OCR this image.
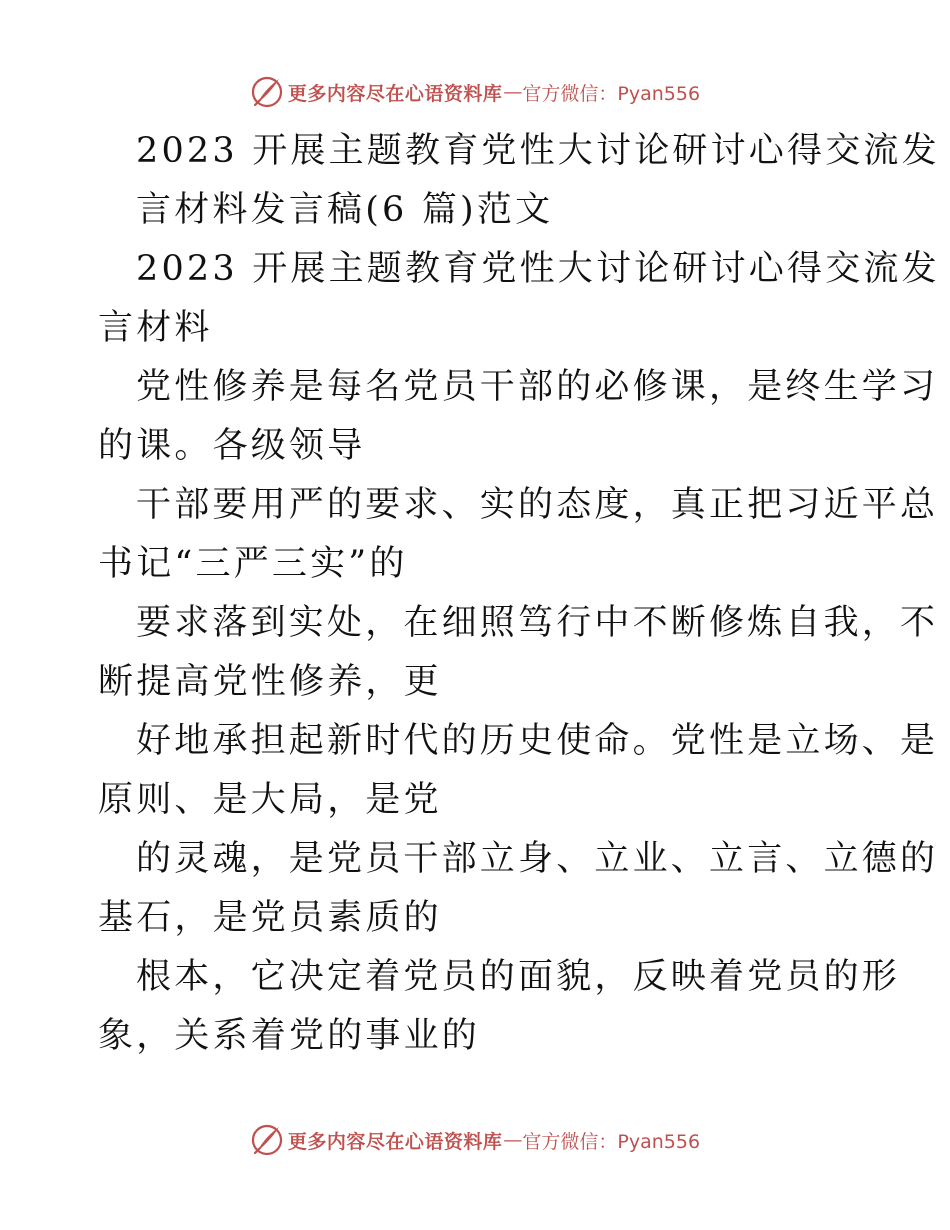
更多内容尽在心语资料库 — 官方微信：Pyan556
2023 开展主题教育党性大讨论研讨心得交流发
言材料发言稿(6 篇)范文
2023 开展主题教育党性大讨论研讨心得交流发
言材料
党性修养是每名党员干部的必修课，是终生学习
的课。各级领导
干部要用严的要求、实的态度，真正把习近平总
书记“三严三实”的
要求落到实处，在细照笃行中不断修炼自我，不
断提高党性修养，更
好地承担起新时代的历史使命。党性是立场、是
原则、是大局，是党
的灵魂，是党员干部立身、立业、立言、立德的
基石，是党员素质的
根本，它决定着党员的面貌，反映着党员的形
象，关系着党的事业的
更多内容尽在心语资料库 — 官方微信：Pyan556
